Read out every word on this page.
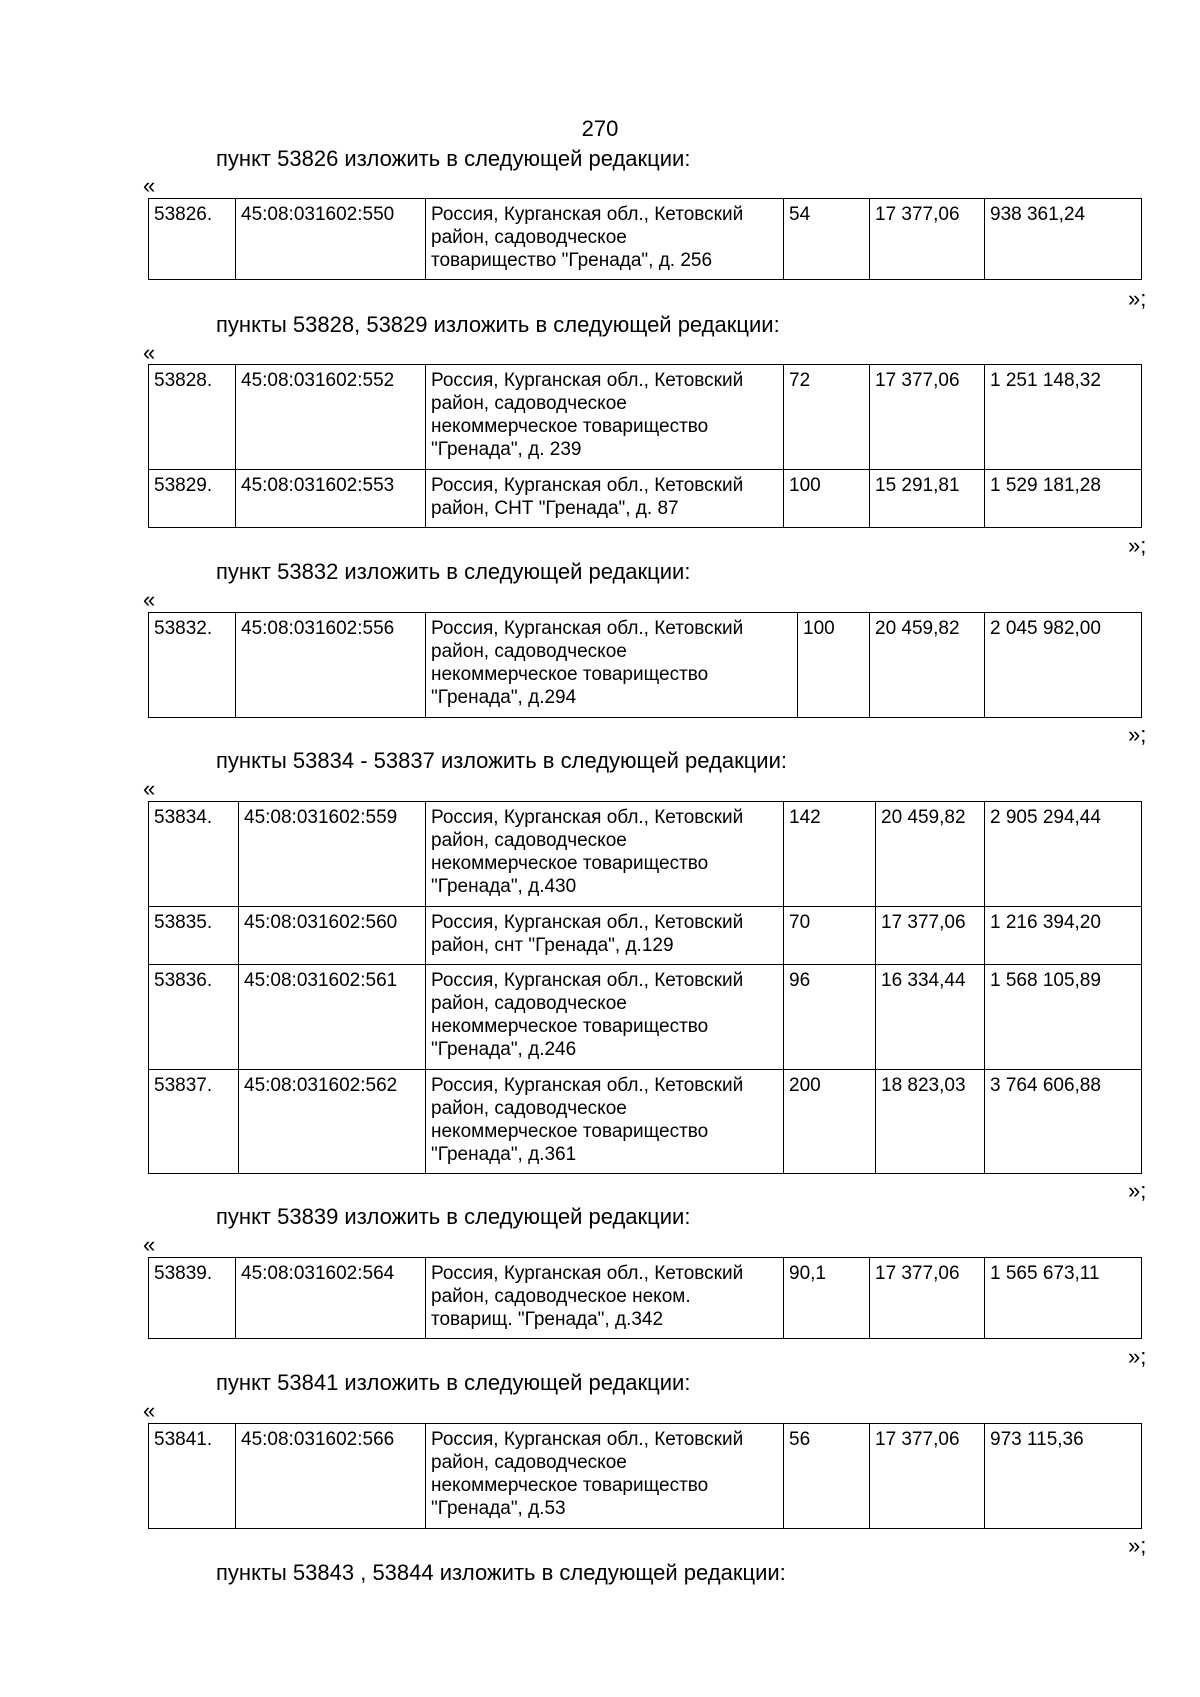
270
пункт 53826 изложить в следующей редакции:
«
53826.	45:08:031602:550	Россия, Курганская обл., Кетовский
район, садоводческое
товарищество "Гренада", д. 256
	54	17 377,06	938 361,24
»;
пункты 53828, 53829 изложить в следующей редакции:
«
53828.	45:08:031602:552	Россия, Курганская обл., Кетовский
район, садоводческое
некоммерческое товарищество
"Гренада", д. 239	72	17 377,06	1 251 148,32
53829.	45:08:031602:553	Россия, Курганская обл., Кетовский
район, СНТ "Гренада", д. 87	100	15 291,81	1 529 181,28
»;
пункт 53832 изложить в следующей редакции:
«
53832.	45:08:031602:556	Россия, Курганская обл., Кетовский
район, садоводческое
некоммерческое товарищество
"Гренада", д.294
	100	20 459,82	2 045 982,00
»;
пункты 53834 - 53837 изложить в следующей редакции:
«
53834.	45:08:031602:559	Россия, Курганская обл., Кетовский
район, садоводческое
некоммерческое товарищество
"Гренада", д.430	142	20 459,82	2 905 294,44
53835.	45:08:031602:560	Россия, Курганская обл., Кетовский
район, снт "Гренада", д.129	70	17 377,06	1 216 394,20
53836.	45:08:031602:561	Россия, Курганская обл., Кетовский
район, садоводческое
некоммерческое товарищество
"Гренада", д.246	96	16 334,44	1 568 105,89
53837.	45:08:031602:562	Россия, Курганская обл., Кетовский
район, садоводческое
некоммерческое товарищество
"Гренада", д.361	200	18 823,03	3 764 606,88
»;
пункт 53839 изложить в следующей редакции:
«
53839.	45:08:031602:564	Россия, Курганская обл., Кетовский
район, садоводческое неком.
товарищ. "Гренада", д.342
	90,1	17 377,06	1 565 673,11
»;
пункт 53841 изложить в следующей редакции:
«
53841.	45:08:031602:566	Россия, Курганская обл., Кетовский
район, садоводческое
некоммерческое товарищество
"Гренада", д.53
	56	17 377,06	973 115,36
»;
пункты 53843 , 53844 изложить в следующей редакции:
